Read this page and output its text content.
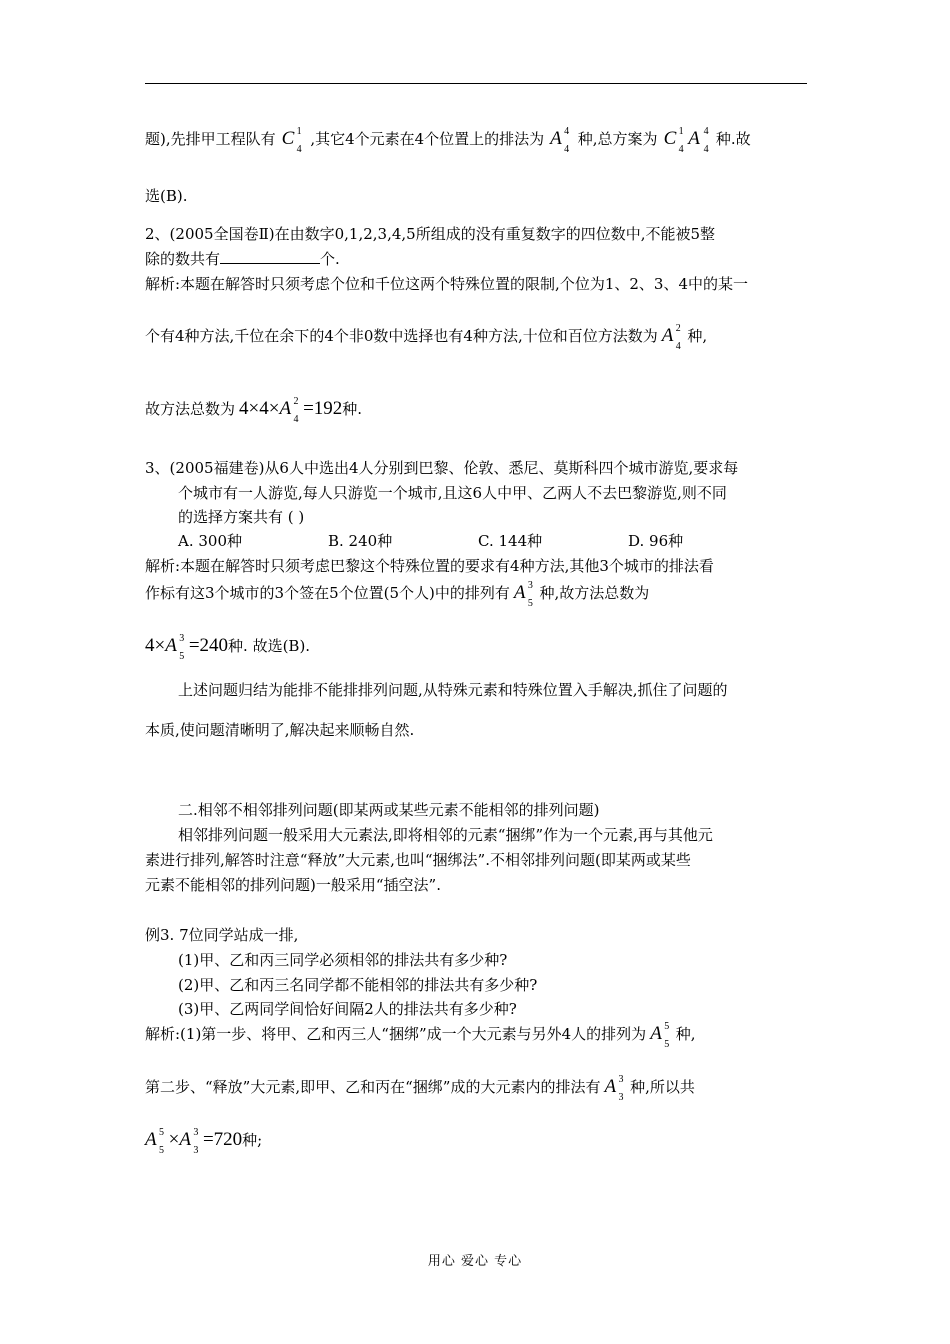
题),先排甲工程队有 C 1
4
,其它4个元素在4个位置上的排法为 A 4
4
种,总方案为 C 1
4
A 4
4
种.故
选(B).
2、(2005全国卷Ⅱ)在由数字0,1,2,3,4,5所组成的没有重复数字的四位数中,不能被5整
除的数共有	个.
解析:本题在解答时只须考虑个位和千位这两个特殊位置的限制,个位为1、2、3、4中的某一
个有4种方法,千位在余下的4个非0数中选择也有4种方法,十位和百位方法数为 A 2
4
种,
故方法总数为 4×4×A 2
4
=192种.
3、(2005福建卷)从6人中选出4人分别到巴黎、伦敦、悉尼、莫斯科四个城市游览,要求每
个城市有一人游览,每人只游览一个城市,且这6人中甲、乙两人不去巴黎游览,则不同
的选择方案共有 ( )
A. 300种	B. 240种	C. 144种	D. 96种
解析:本题在解答时只须考虑巴黎这个特殊位置的要求有4种方法,其他3个城市的排法看
作标有这3个城市的3个签在5个位置(5个人)中的排列有 A 3
5
种,故方法总数为
4×A 3
5
=240种. 故选(B).
上述问题归结为能排不能排排列问题,从特殊元素和特殊位置入手解决,抓住了问题的
本质,使问题清晰明了,解决起来顺畅自然.
二.相邻不相邻排列问题(即某两或某些元素不能相邻的排列问题)
相邻排列问题一般采用大元素法,即将相邻的元素“捆绑”作为一个元素,再与其他元
素进行排列,解答时注意“释放”大元素,也叫“捆绑法”.不相邻排列问题(即某两或某些
元素不能相邻的排列问题)一般采用“插空法”.
例3. 7位同学站成一排,
(1)甲、乙和丙三同学必须相邻的排法共有多少种?
(2)甲、乙和丙三名同学都不能相邻的排法共有多少种?
(3)甲、乙两同学间恰好间隔2人的排法共有多少种?
解析:(1)第一步、将甲、乙和丙三人“捆绑”成一个大元素与另外4人的排列为 A 5
5
种,
第二步、“释放”大元素,即甲、乙和丙在“捆绑”成的大元素内的排法有 A 3
3
种,所以共
A 5
5
×A 3
3
=720种;
用心 爱心 专心
